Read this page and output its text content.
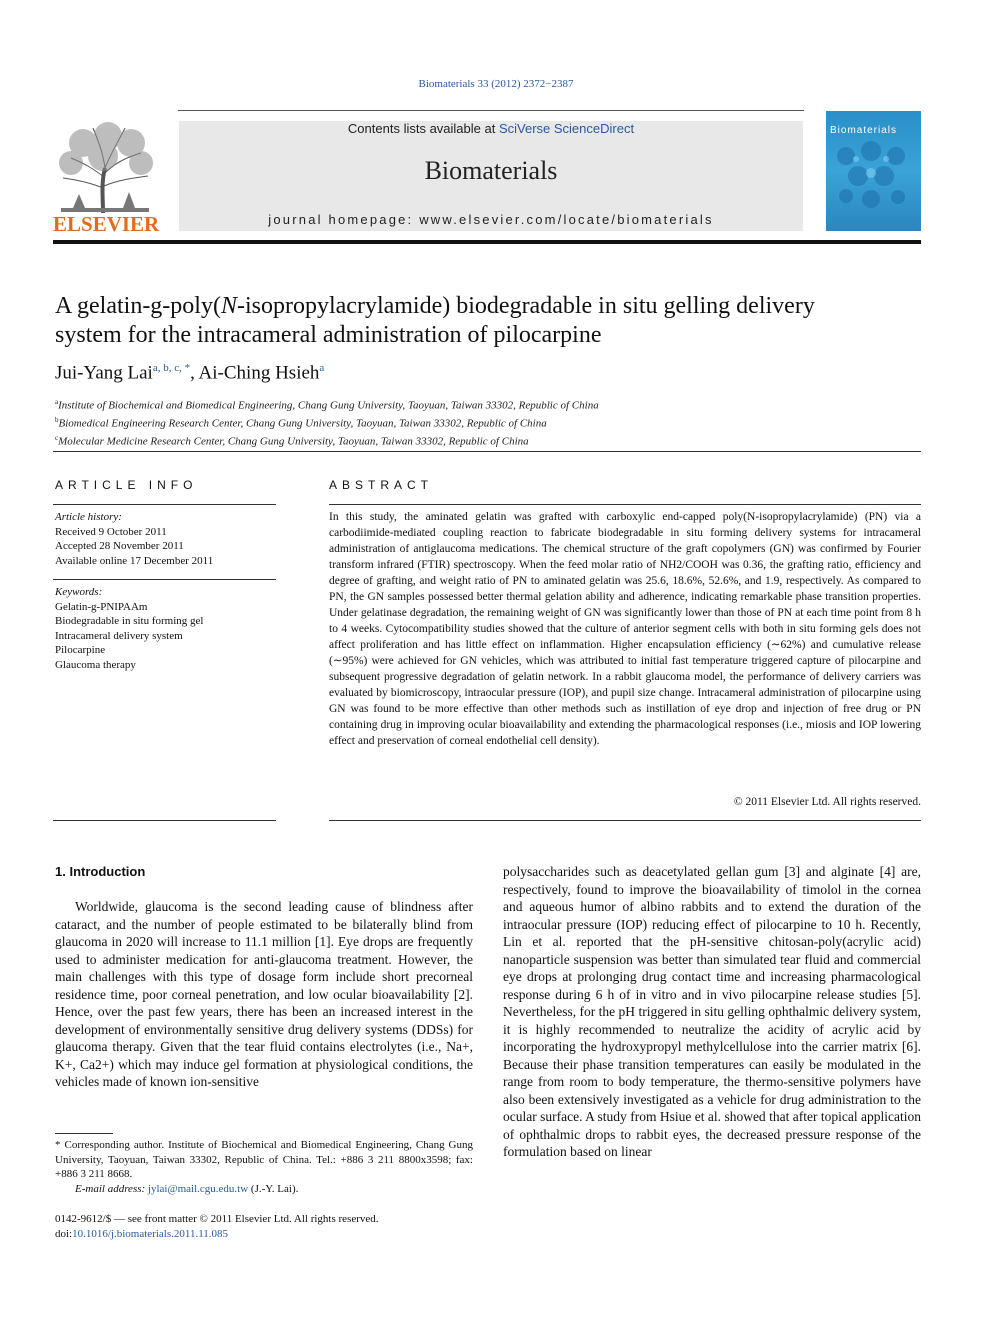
Biomaterials 33 (2012) 2372−2387
ELSEVIER
Contents lists available at SciVerse ScienceDirect
Biomaterials
journal homepage: www.elsevier.com/locate/biomaterials
Biomaterials
A gelatin-g-poly(N-isopropylacrylamide) biodegradable in situ gelling delivery
system for the intracameral administration of pilocarpine
Jui-Yang Lai$^{a, b, c, *}$, Ai-Ching Hsieh$^a$
$^a$Institute of Biochemical and Biomedical Engineering, Chang Gung University, Taoyuan, Taiwan 33302, Republic of China
$^b$Biomedical Engineering Research Center, Chang Gung University, Taoyuan, Taiwan 33302, Republic of China
$^c$Molecular Medicine Research Center, Chang Gung University, Taoyuan, Taiwan 33302, Republic of China
ARTICLE INFO	ABSTRACT
Article history:
Received 9 October 2011
Accepted 28 November 2011
Available online 17 December 2011
Keywords:
Gelatin-g-PNIPAAm
Biodegradable in situ forming gel
Intracameral delivery system
Pilocarpine
Glaucoma therapy
In this study, the aminated gelatin was grafted with carboxylic end-capped poly(N-isopropylacrylamide) (PN) via a carbodiimide-mediated coupling reaction to fabricate biodegradable in situ forming delivery systems for intracameral administration of antiglaucoma medications. The chemical structure of the graft copolymers (GN) was confirmed by Fourier transform infrared (FTIR) spectroscopy. When the feed molar ratio of NH2/COOH was 0.36, the grafting ratio, efficiency and degree of grafting, and weight ratio of PN to aminated gelatin was 25.6, 18.6%, 52.6%, and 1.9, respectively. As compared to PN, the GN samples possessed better thermal gelation ability and adherence, indicating remarkable phase transition properties. Under gelatinase degradation, the remaining weight of GN was significantly lower than those of PN at each time point from 8 h to 4 weeks. Cytocompatibility studies showed that the culture of anterior segment cells with both in situ forming gels does not affect proliferation and has little effect on inflammation. Higher encapsulation efficiency (∼62%) and cumulative release (∼95%) were achieved for GN vehicles, which was attributed to initial fast temperature triggered capture of pilocarpine and subsequent progressive degradation of gelatin network. In a rabbit glaucoma model, the performance of delivery carriers was evaluated by biomicroscopy, intraocular pressure (IOP), and pupil size change. Intracameral administration of pilocarpine using GN was found to be more effective than other methods such as instillation of eye drop and injection of free drug or PN containing drug in improving ocular bioavailability and extending the pharmacological responses (i.e., miosis and IOP lowering effect and preservation of corneal endothelial cell density).
© 2011 Elsevier Ltd. All rights reserved.
1. Introduction
Worldwide, glaucoma is the second leading cause of blindness after cataract, and the number of people estimated to be bilaterally blind from glaucoma in 2020 will increase to 11.1 million [1]. Eye drops are frequently used to administer medication for anti-glaucoma treatment. However, the main challenges with this type of dosage form include short precorneal residence time, poor corneal penetration, and low ocular bioavailability [2]. Hence, over the past few years, there has been an increased interest in the development of environmentally sensitive drug delivery systems (DDSs) for glaucoma therapy. Given that the tear fluid contains electrolytes (i.e., Na+, K+, Ca2+) which may induce gel formation at physiological conditions, the vehicles made of known ion-sensitive
polysaccharides such as deacetylated gellan gum [3] and alginate [4] are, respectively, found to improve the bioavailability of timolol in the cornea and aqueous humor of albino rabbits and to extend the duration of the intraocular pressure (IOP) reducing effect of pilocarpine to 10 h. Recently, Lin et al. reported that the pH-sensitive chitosan-poly(acrylic acid) nanoparticle suspension was better than simulated tear fluid and commercial eye drops at prolonging drug contact time and increasing pharmacological response during 6 h of in vitro and in vivo pilocarpine release studies [5]. Nevertheless, for the pH triggered in situ gelling ophthalmic delivery system, it is highly recommended to neutralize the acidity of acrylic acid by incorporating the hydroxypropyl methylcellulose into the carrier matrix [6]. Because their phase transition temperatures can easily be modulated in the range from room to body temperature, the thermo-sensitive polymers have also been extensively investigated as a vehicle for drug administration to the ocular surface. A study from Hsiue et al. showed that after topical application of ophthalmic drops to rabbit eyes, the decreased pressure response of the formulation based on linear
* Corresponding author. Institute of Biochemical and Biomedical Engineering, Chang Gung University, Taoyuan, Taiwan 33302, Republic of China. Tel.: +886 3 211 8800x3598; fax: +886 3 211 8668.
E-mail address: jylai@mail.cgu.edu.tw (J.-Y. Lai).
0142-9612/$ — see front matter © 2011 Elsevier Ltd. All rights reserved.
doi:10.1016/j.biomaterials.2011.11.085
